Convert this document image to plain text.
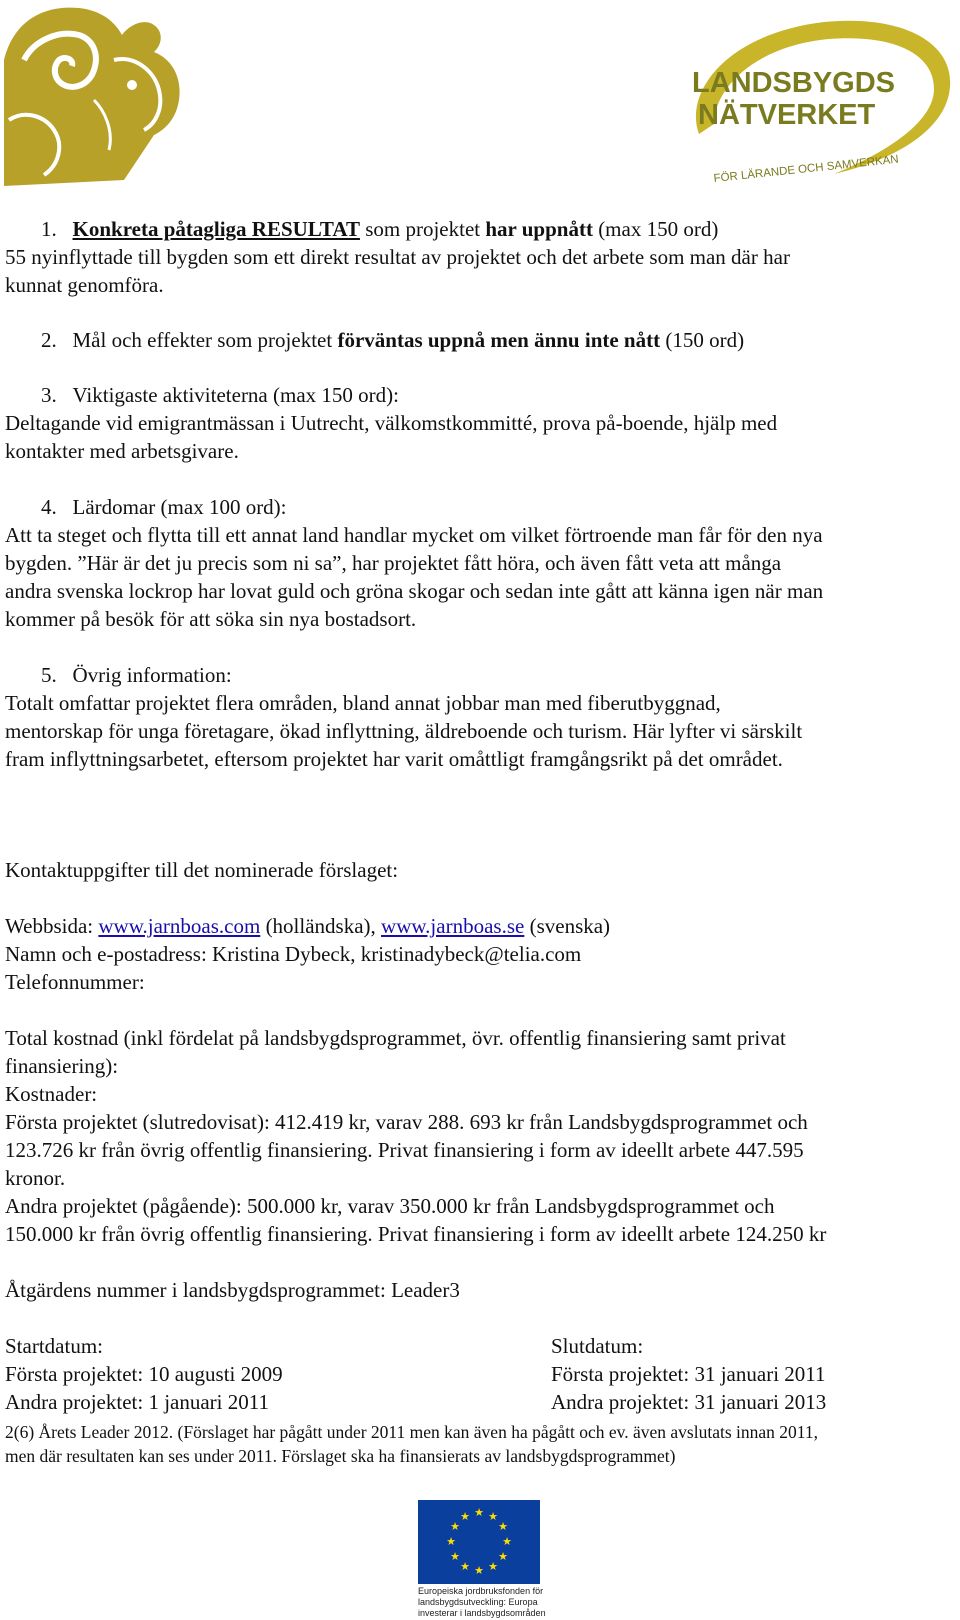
LANDSBYGDS
NÄTVERKET
FÖR LÄRANDE OCH SAMVERKAN
1. Konkreta påtagliga RESULTAT som projektet har uppnått (max 150 ord)
55 nyinflyttade till bygden som ett direkt resultat av projektet och det arbete som man där har
kunnat genomföra.
2. Mål och effekter som projektet förväntas uppnå men ännu inte nått (150 ord)
3. Viktigaste aktiviteterna (max 150 ord):
Deltagande vid emigrantmässan i Uutrecht, välkomstkommitté, prova på-boende, hjälp med
kontakter med arbetsgivare.
4. Lärdomar (max 100 ord):
Att ta steget och flytta till ett annat land handlar mycket om vilket förtroende man får för den nya
bygden. ”Här är det ju precis som ni sa”, har projektet fått höra, och även fått veta att många
andra svenska lockrop har lovat guld och gröna skogar och sedan inte gått att känna igen när man
kommer på besök för att söka sin nya bostadsort.
5. Övrig information:
Totalt omfattar projektet flera områden, bland annat jobbar man med fiberutbyggnad,
mentorskap för unga företagare, ökad inflyttning, äldreboende och turism. Här lyfter vi särskilt
fram inflyttningsarbetet, eftersom projektet har varit omåttligt framgångsrikt på det området.
Kontaktuppgifter till det nominerade förslaget:
Webbsida: www.jarnboas.com (holländska), www.jarnboas.se (svenska)
Namn och e-postadress: Kristina Dybeck, kristinadybeck@telia.com
Telefonnummer:
Total kostnad (inkl fördelat på landsbygdsprogrammet, övr. offentlig finansiering samt privat
finansiering):
Kostnader:
Första projektet (slutredovisat): 412.419 kr, varav 288. 693 kr från Landsbygdsprogrammet och
123.726 kr från övrig offentlig finansiering. Privat finansiering i form av ideellt arbete 447.595
kronor.
Andra projektet (pågående): 500.000 kr, varav 350.000 kr från Landsbygdsprogrammet och
150.000 kr från övrig offentlig finansiering. Privat finansiering i form av ideellt arbete 124.250 kr
Åtgärdens nummer i landsbygdsprogrammet: Leader3
Startdatum:
Första projektet: 10 augusti 2009
Andra projektet: 1 januari 2011
Slutdatum:
Första projektet: 31 januari 2011
Andra projektet: 31 januari 2013
2(6) Årets Leader 2012. (Förslaget har pågått under 2011 men kan även ha pågått och ev. även avslutats innan 2011,
men där resultaten kan ses under 2011. Förslaget ska ha finansierats av landsbygdsprogrammet)
★ ★
★
★
★
★
★
★
★
★
★
★
Europeiska jordbruksfonden för
landsbygdsutveckling: Europa
investerar i landsbygdsområden
